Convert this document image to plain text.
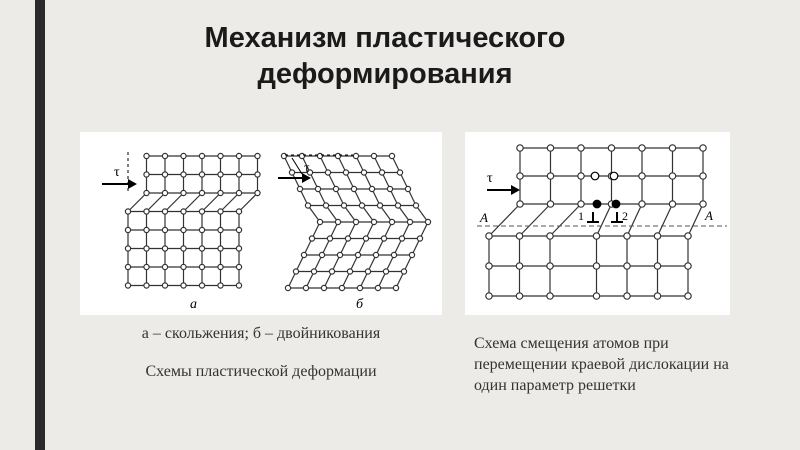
Механизм пластического деформирования
τ	τ
а	б
τ
A	A
1	2
а – скольжения; б – двойникования
Схемы пластической деформации
Схема смещения атомов при перемещении краевой дислокации на один параметр решетки
